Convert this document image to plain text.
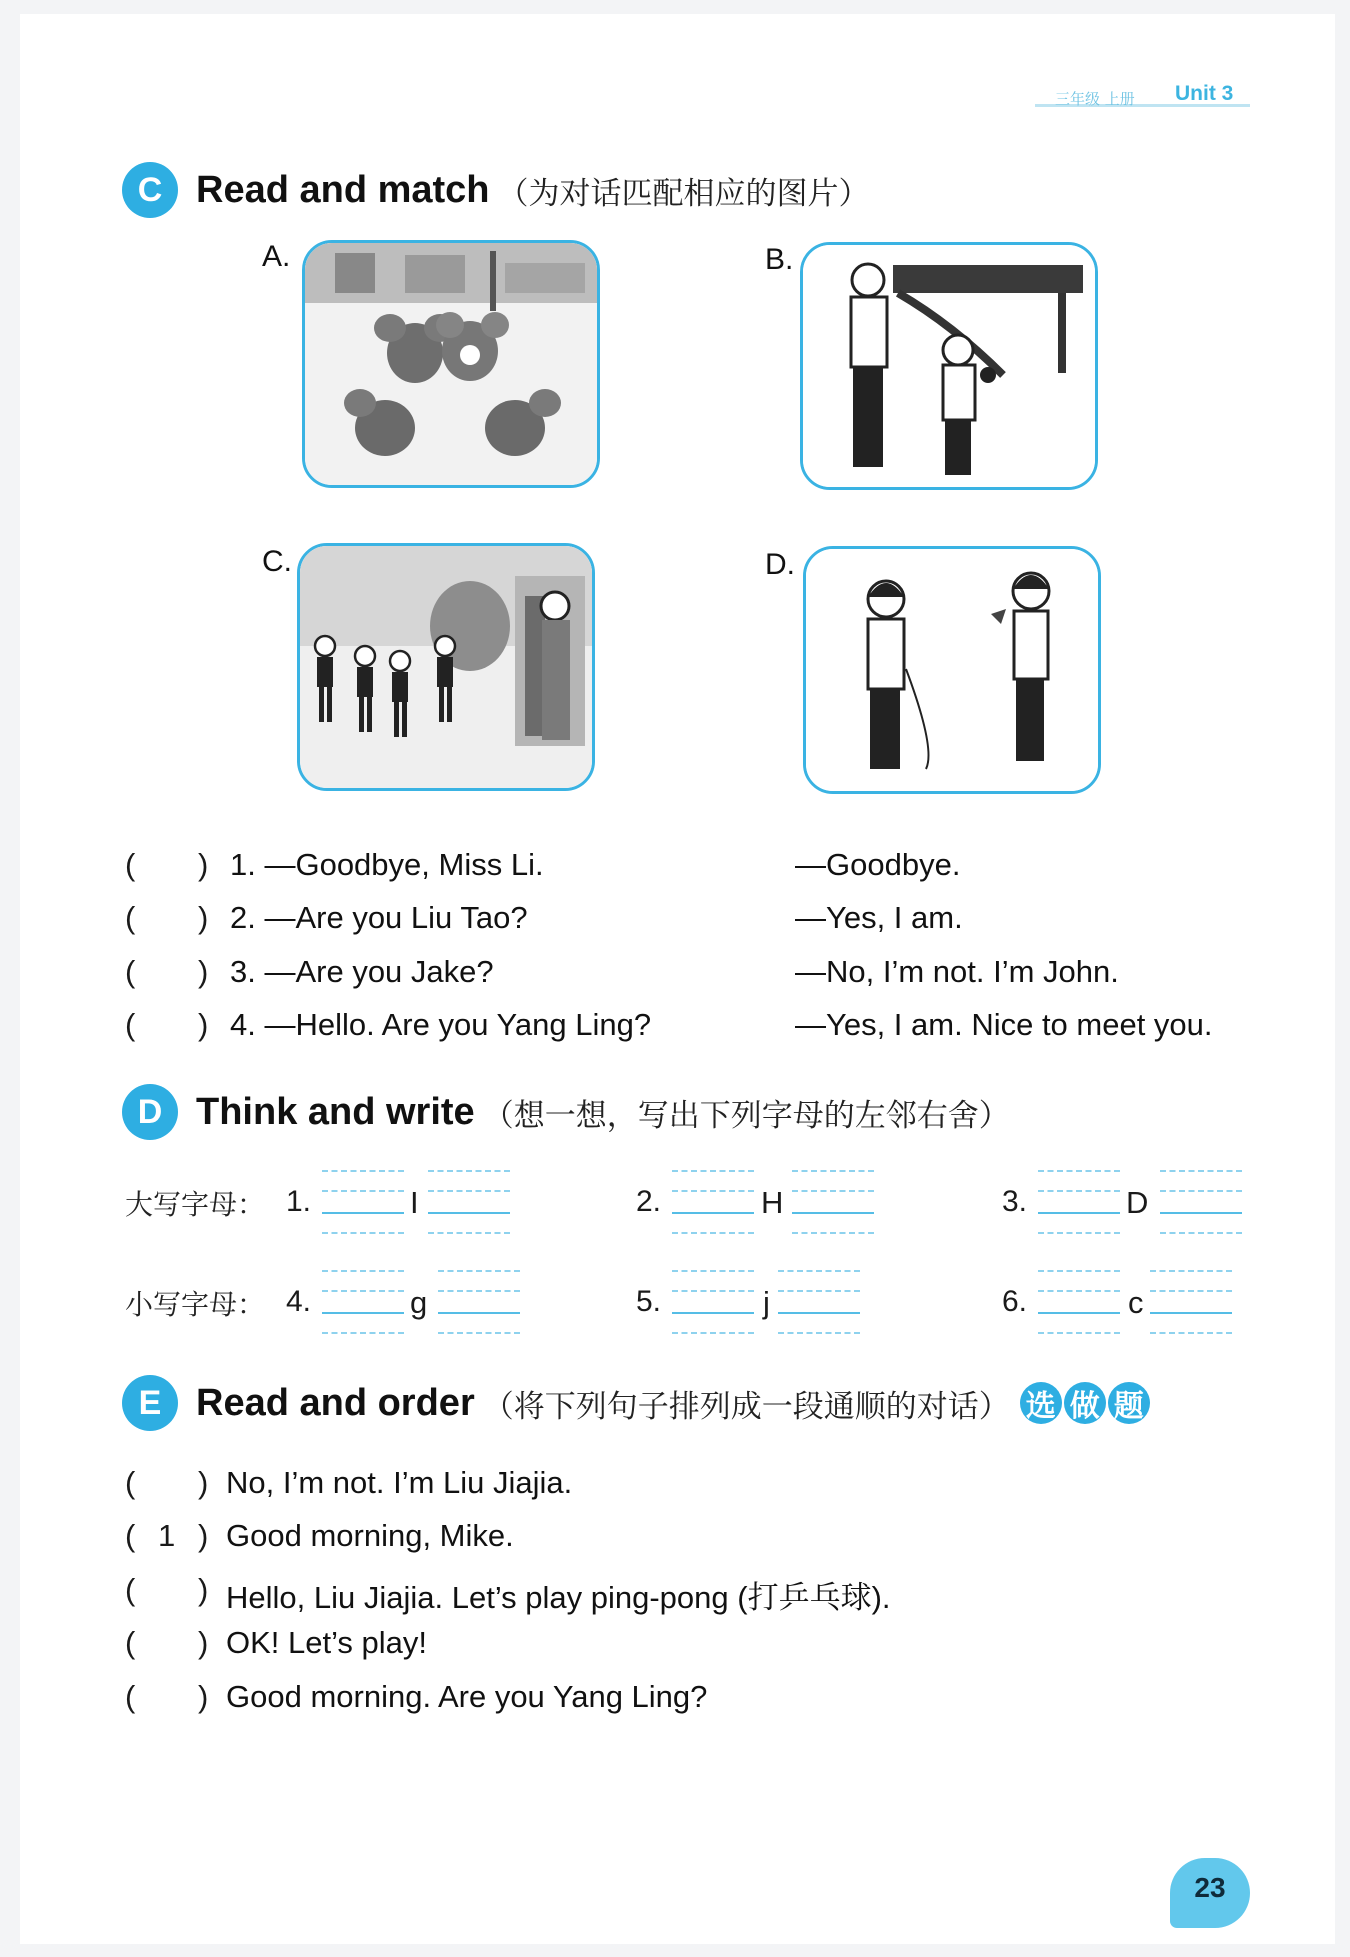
三年级 上册 Unit 3
C Read and match （为对话匹配相应的图片）
A.	B.
C.	D.
( ) 1. —Goodbye, Miss Li.	—Goodbye.
( ) 2. —Are you Liu Tao?	—Yes, I am.
( ) 3. —Are you Jake?	—No, I’m not. I’m John.
( ) 4. —Hello. Are you Yang Ling?	—Yes, I am. Nice to meet you.
D Think and write （想一想，写出下列字母的左邻右舍）
大写字母： 1.	I	2.	H	3.	D
小写字母： 4.	g	5.	j	6.	c
E Read and order （将下列句子排列成一段通顺的对话） 选 做 题
( ) No, I’m not. I’m Liu Jiajia.
( 1 ) Good morning, Mike.
( ) Hello, Liu Jiajia. Let’s play ping-pong (打乒乓球).
( ) OK! Let’s play!
( ) Good morning. Are you Yang Ling?
23
